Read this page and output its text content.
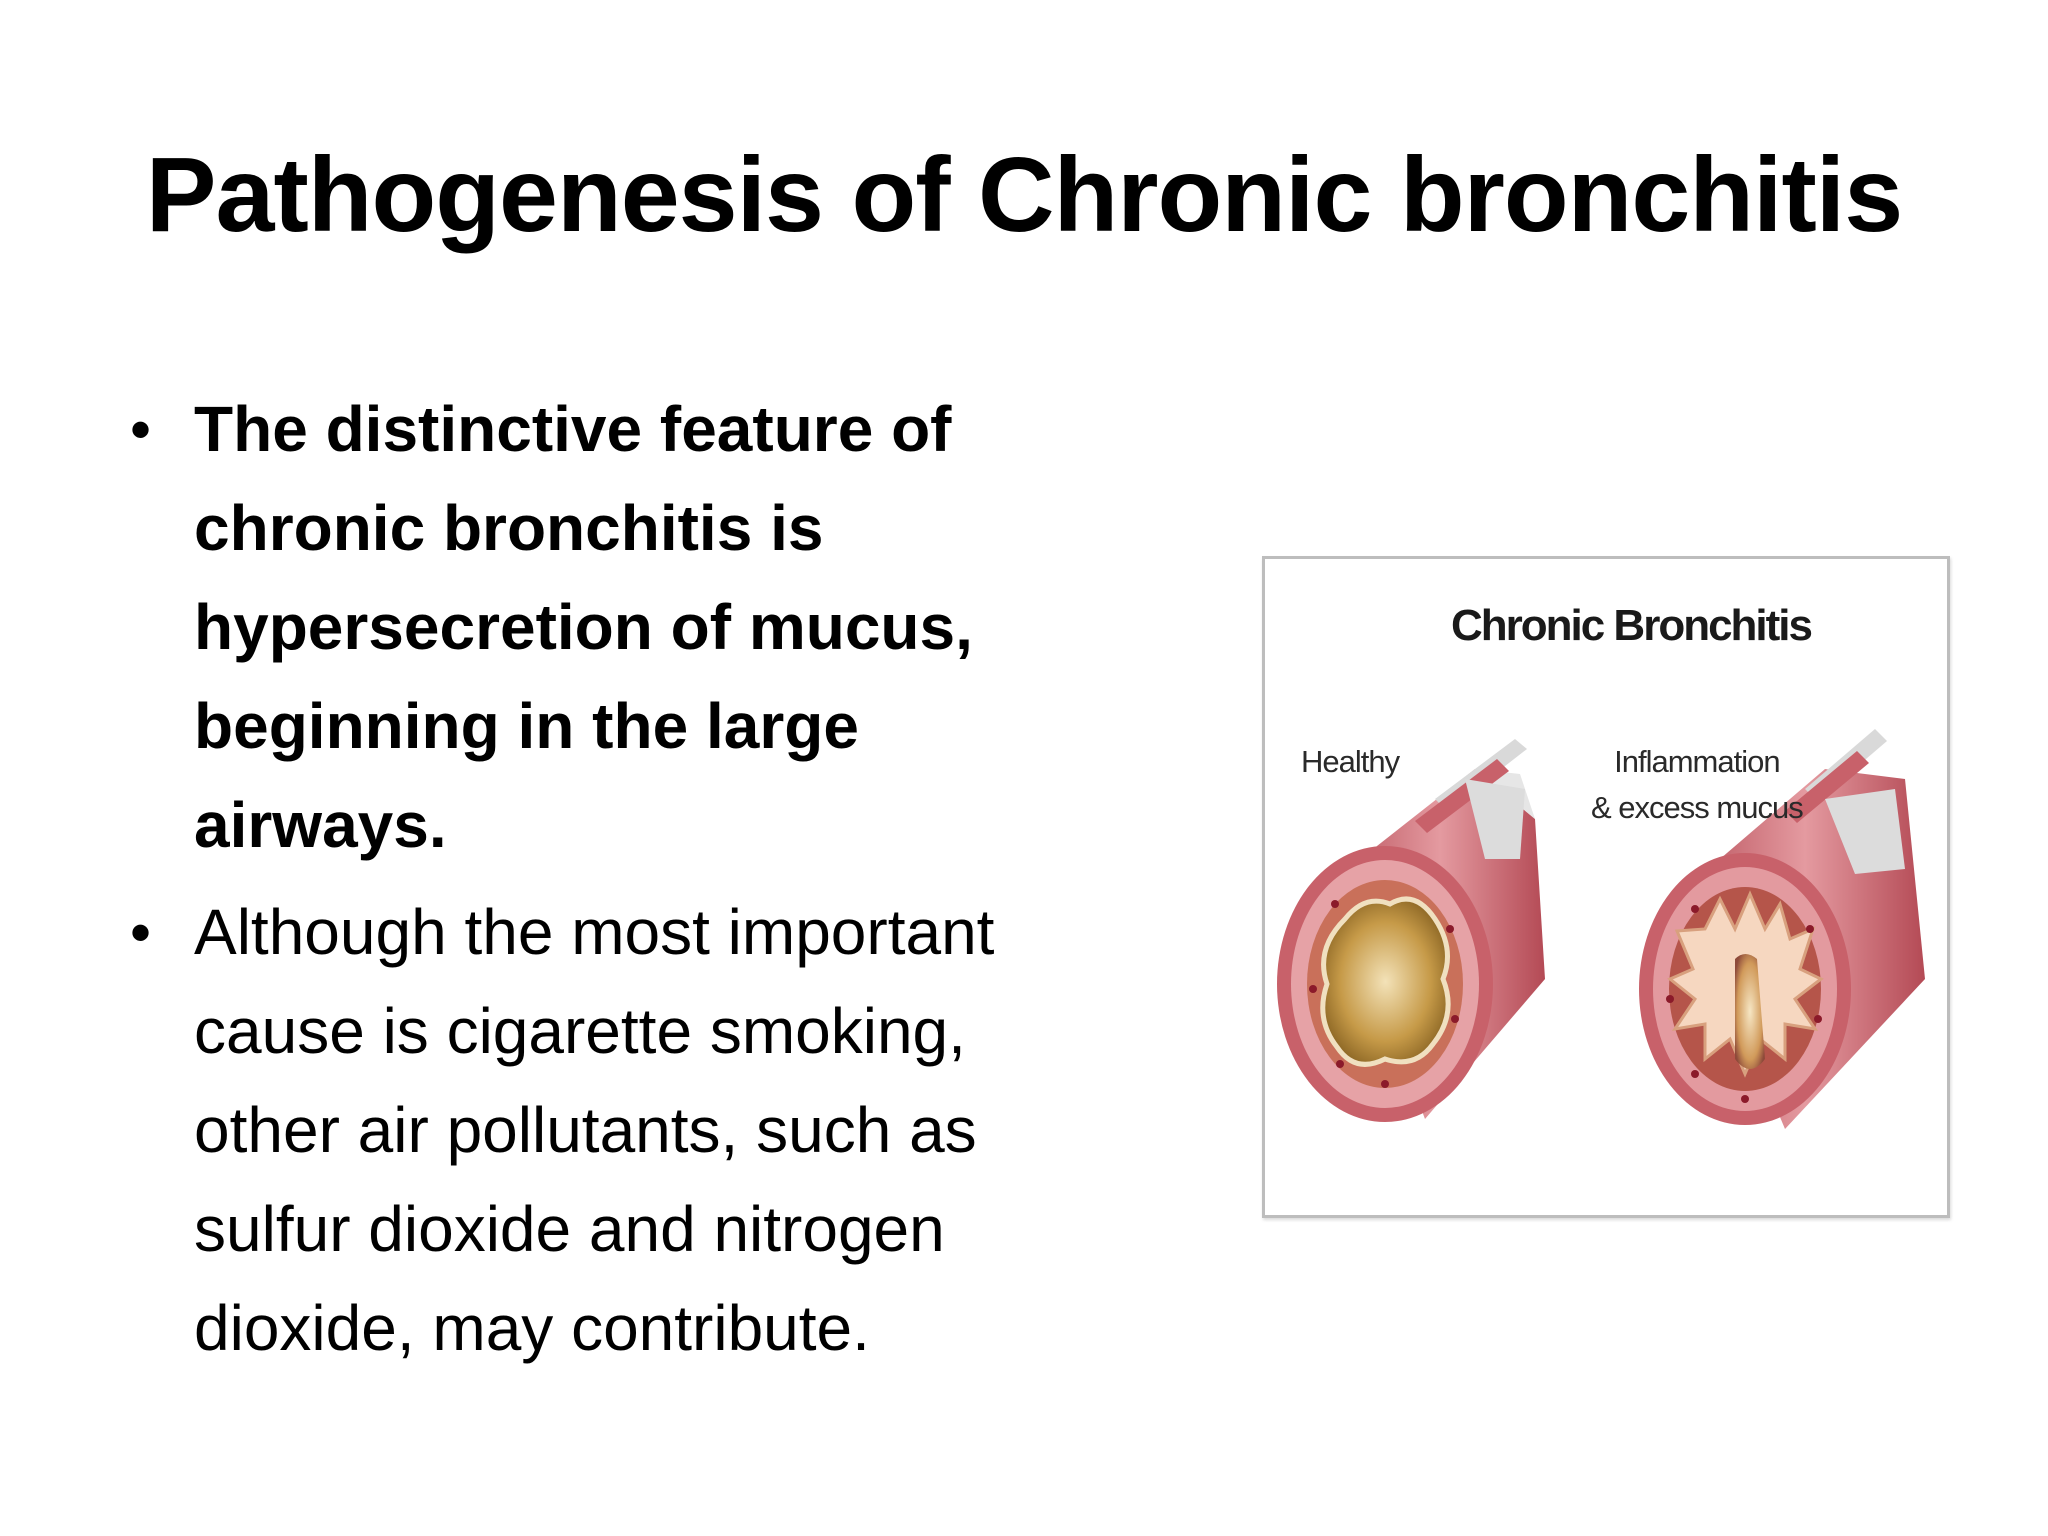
Pathogenesis of Chronic bronchitis
• The distinctive feature of
chronic bronchitis is
hypersecretion of mucus,
beginning in the large
airways.
• Although the most important
cause is cigarette smoking,
other air pollutants, such as
sulfur dioxide and nitrogen
dioxide, may contribute.
Chronic Bronchitis
Healthy	Inflammation
& excess mucus
